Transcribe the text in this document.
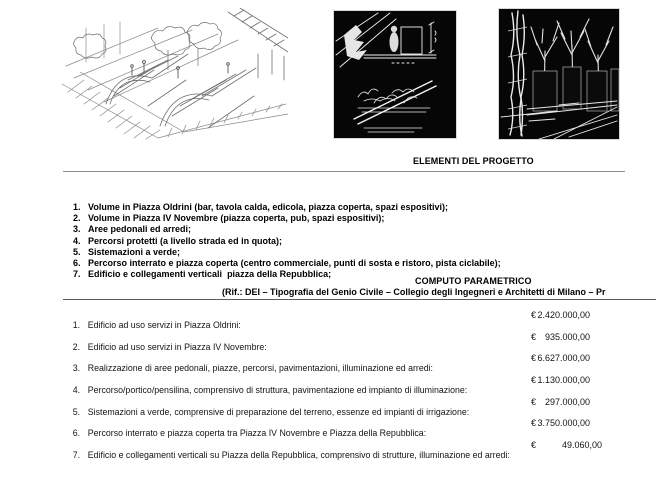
ELEMENTI DEL PROGETTO

1. Volume in Piazza Oldrini (bar, tavola calda, edicola, piazza coperta, spazi espositivi);

2. Volume in Piazza IV Novembre (piazza coperta, pub, spazi espositivi);

3. Aree pedonali ed arredi;

4. Percorsi protetti (a livello strada ed in quota);

5. Sistemazioni a verde;

6. Percorso interrato e piazza coperta (centro commerciale, punti di sosta e ristoro, pista ciclabile);

7. Edificio e collegamenti verticali  piazza della Repubblica;

COMPUTO PARAMETRICO
(Rif.: DEI – Tipografia del Genio Civile – Collegio degli Ingegneri e Architetti di Milano – Pr

1. Edificio ad uso servizi in Piazza Oldrini:

€ 2.420.000,00

2. Edificio ad uso servizi in Piazza IV Novembre:

€ 935.000,00

3. Realizzazione di aree pedonali, piazze, percorsi, pavimentazioni, illuminazione ed arredi:

€ 6.627.000,00

4. Percorso/portico/pensilina, comprensivo di struttura, pavimentazione ed impianto di illuminazione:

€ 1.130.000,00

5. Sistemazioni a verde, comprensive di preparazione del terreno, essenze ed impianti di irrigazione:

€ 297.000,00

6. Percorso interrato e piazza coperta tra Piazza IV Novembre e Piazza della Repubblica:

€ 3.750.000,00

7. Edificio e collegamenti verticali su Piazza della Repubblica, comprensivo di strutture, illuminazione ed arredi:

€	49.060,00
